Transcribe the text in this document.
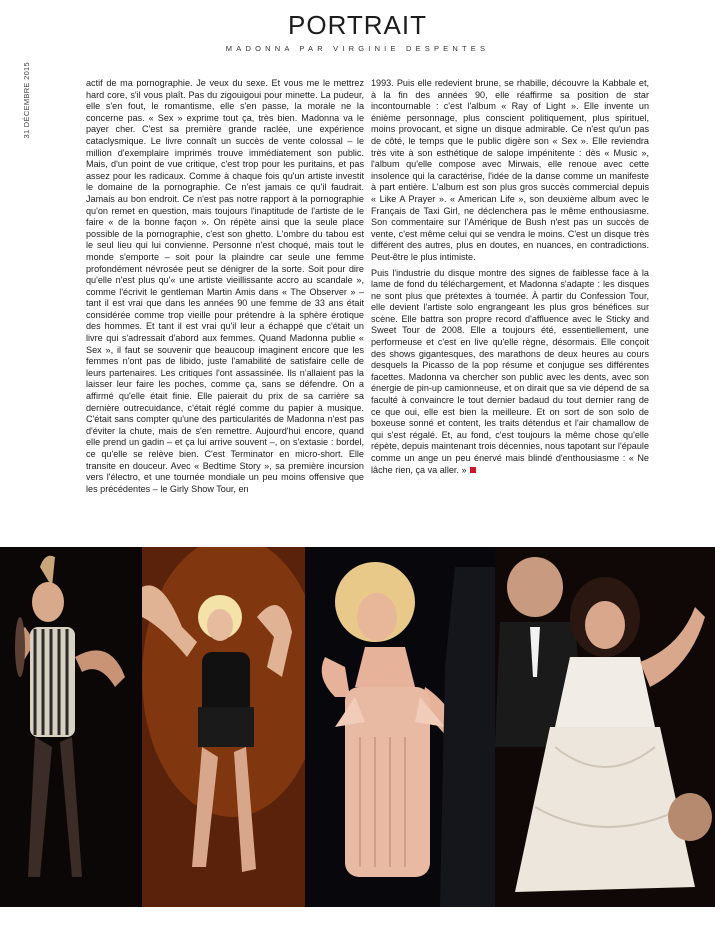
PORTRAIT
MADONNA PAR VIRGINIE DESPENTES
31 DÉCEMBRE 2015	actif de ma pornographie. Je veux du sexe. Et vous me le mettrez hard core, s'il vous plaît. Pas du zigouigoui pour minette. La pudeur, elle s'en fout, le romantisme, elle s'en passe, la morale ne la concerne pas. « Sex » exprime tout ça, très bien. Madonna va le payer cher. C'est sa première grande raclée, une expérience cataclysmique. Le livre connaît un succès de vente colossal – le million d'exemplaire imprimés trouve immédiatement son public. Mais, d'un point de vue critique, c'est trop pour les puritains, et pas assez pour les radicaux. Comme à chaque fois qu'un artiste investit le domaine de la pornographie. Ce n'est jamais ce qu'il faudrait. Jamais au bon endroit. Ce n'est pas notre rapport à la pornographie qu'on remet en question, mais toujours l'inaptitude de l'artiste de le faire « de la bonne façon ». On répète ainsi que la seule place possible de la pornographie, c'est son ghetto. L'ombre du tabou est le seul lieu qui lui convienne. Personne n'est choqué, mais tout le monde s'emporte – soit pour la plaindre car seule une femme profondément névrosée peut se dénigrer de la sorte. Soit pour dire qu'elle n'est plus qu'« une artiste vieillissante accro au scandale », comme l'écrivit le gentleman Martin Amis dans « The Observer » – tant il est vrai que dans les années 90 une femme de 33 ans était considérée comme trop vieille pour prétendre à la sphère érotique des hommes. Et tant il est vrai qu'il leur a échappé que c'était un livre qui s'adressait d'abord aux femmes. Quand Madonna publie « Sex », il faut se souvenir que beaucoup imaginent encore que les femmes n'ont pas de libido, juste l'amabilité de satisfaire celle de leurs partenaires. Les critiques l'ont assassinée. Ils n'allaient pas la laisser leur faire les poches, comme ça, sans se défendre. On a affirmé qu'elle était finie. Elle paierait du prix de sa carrière sa dernière outrecuidance, c'était réglé comme du papier à musique. C'était sans compter qu'une des particularités de Madonna n'est pas d'éviter la chute, mais de s'en remettre. Aujourd'hui encore, quand elle prend un gadin – et ça lui arrive souvent –, on s'extasie : bordel, ce qu'elle se relève bien. C'est Terminator en micro-short. Elle transite en douceur. Avec « Bedtime Story », sa première incursion vers l'électro, et une tournée mondiale un peu moins offensive que les précédentes – le Girly Show Tour, en

1993. Puis elle redevient brune, se rhabille, découvre la Kabbale et, à la fin des années 90, elle réaffirme sa position de star incontournable : c'est l'album « Ray of Light ». Elle invente un énième personnage, plus conscient politiquement, plus spirituel, moins provocant, et signe un disque admirable. Ce n'est qu'un pas de côté, le temps que le public digère son « Sex ». Elle reviendra très vite à son esthétique de salope impénitente : dès « Music », l'album qu'elle compose avec Mirwais, elle renoue avec cette insolence qui la caractérise, l'idée de la danse comme un manifeste à part entière. L'album est son plus gros succès commercial depuis « Like A Prayer ». « American Life », son deuxième album avec le Français de Taxi Girl, ne déclenchera pas le même enthousiasme. Son commentaire sur l'Amérique de Bush n'est pas un succès de vente, c'est même celui qui se vendra le moins. C'est un disque très différent des autres, plus en doutes, en nuances, en contradictions. Peut-être le plus intimiste.

Puis l'industrie du disque montre des signes de faiblesse face à la lame de fond du téléchargement, et Madonna s'adapte : les disques ne sont plus que prétextes à tournée. À partir du Confession Tour, elle devient l'artiste solo engrangeant les plus gros bénéfices sur scène. Elle battra son propre record d'affluence avec le Sticky and Sweet Tour de 2008. Elle a toujours été, essentiellement, une performeuse et c'est en live qu'elle règne, désormais. Elle conçoit des shows gigantesques, des marathons de deux heures au cours desquels la Picasso de la pop résume et conjugue ses différentes facettes. Madonna va chercher son public avec les dents, avec son énergie de pin-up camionneuse, et on dirait que sa vie dépend de sa faculté à convaincre le tout dernier badaud du tout dernier rang de ce que oui, elle est bien la meilleure. Et on sort de son solo de boxeuse sonné et content, les traits détendus et l'air chamallow de qui s'est régalé. Et, au fond, c'est toujours la même chose qu'elle répète, depuis maintenant trois décennies, nous tapotant sur l'épaule comme un ange un peu énervé mais blindé d'enthousiasme : « Ne lâche rien, ça va aller. »
